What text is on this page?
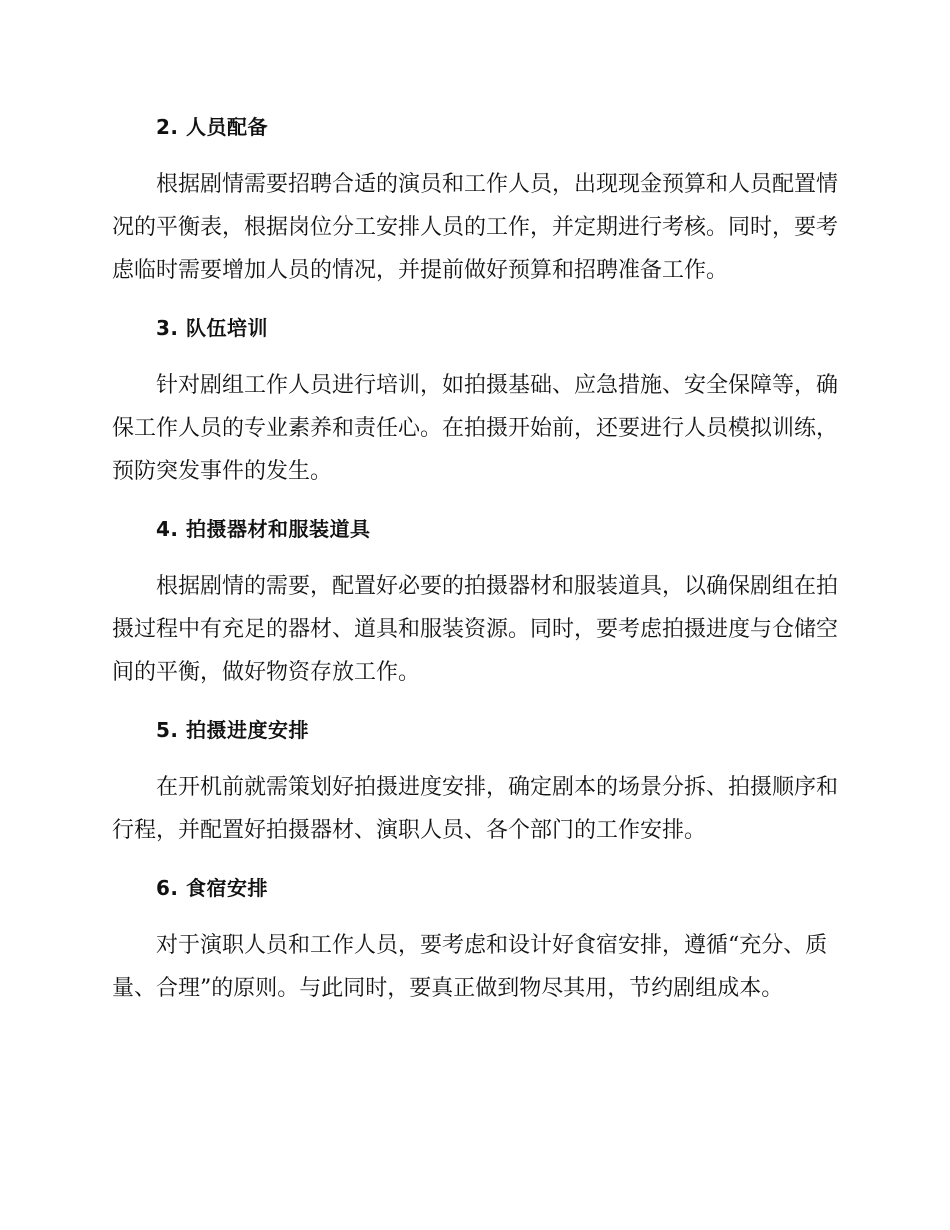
2. 人员配备

根据剧情需要招聘合适的演员和工作人员，出现现金预算和人员配置情
况的平衡表，根据岗位分工安排人员的工作，并定期进行考核。同时，要考
虑临时需要增加人员的情况，并提前做好预算和招聘准备工作。

3. 队伍培训

针对剧组工作人员进行培训，如拍摄基础、应急措施、安全保障等，确
保工作人员的专业素养和责任心。在拍摄开始前，还要进行人员模拟训练，
预防突发事件的发生。

4. 拍摄器材和服装道具

根据剧情的需要，配置好必要的拍摄器材和服装道具，以确保剧组在拍
摄过程中有充足的器材、道具和服装资源。同时，要考虑拍摄进度与仓储空
间的平衡，做好物资存放工作。

5. 拍摄进度安排

在开机前就需策划好拍摄进度安排，确定剧本的场景分拆、拍摄顺序和
行程，并配置好拍摄器材、演职人员、各个部门的工作安排。

6. 食宿安排

对于演职人员和工作人员，要考虑和设计好食宿安排，遵循“充分、质
量、合理”的原则。与此同时，要真正做到物尽其用，节约剧组成本。
